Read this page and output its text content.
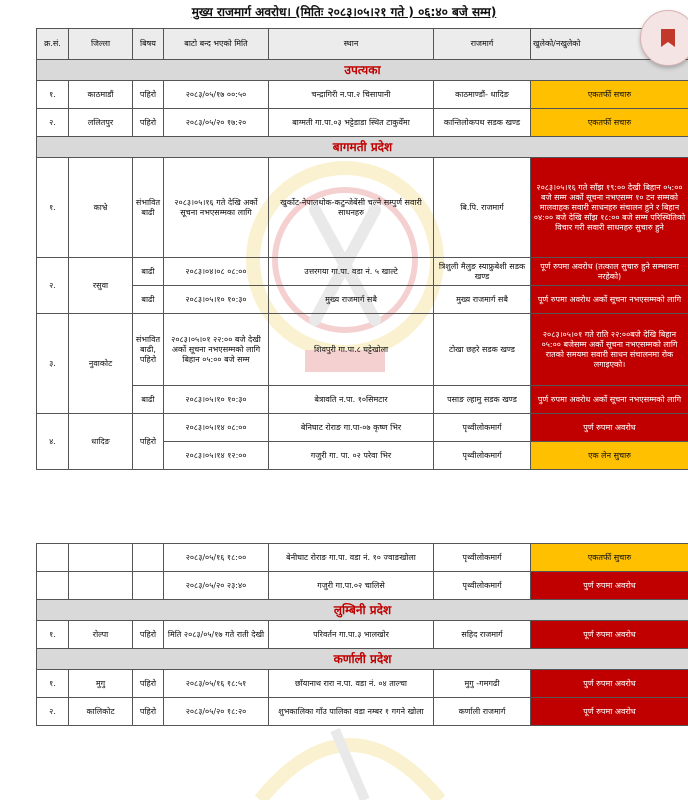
मुख्य राजमार्ग अवरोध। (मितिः २०८३।०५।२१ गते ) ०६:४० बजे सम्म)
क्र.सं.	जिल्ला	बिषय	बाटो बन्द भएको मिति	स्थान	राजमार्ग	खुलेको/नखुलेको
उपत्यका						
१.	काठमाडौं	पहिरो	२०८३/०५/१७ ००:५०	चन्द्रागिरी न.पा.२ चिसापानी	काठमाण्डौं- धादिङ	एकतर्फी सचारु
२.	ललितपुर	पहिरो	२०८३/०५/२० १७:२०	बाग्मती गा.पा.०३ भट्टेडाडा स्थित टाकुवेँमा	कान्तिलोकपथ सडक खण्ड	एकतर्फी सचारु
बागमती प्रदेश						
१.	काभ्रे	संभावित बाढी	२०८३।०५।१६ गते देखि अर्को सूचना नभएसम्मका लागि	खुर्काेट-नेपालथोक-कटुन्जेबेंसी चल्ने सम्पुर्ण सवारी साधनहरु	बि.पि. राजमार्ग	२०८३।०५।१६ गते साँझ १९:०० देखी बिहान ०५:०० बजे सम्म अर्को सूचना नभएसम्म १० टन सम्मको मालवाहक सवारी साधनहरु संचालन हुने र बिहान ०४:०० बजे देखि साँझ १८:०० बजे सम्म परिस्थितिको विचार गरी सवारी साधनहरु सुचारु हुने
२.	रसुवा	बाढी	२०८३।०४।०८ ०८:००	उत्तरगया गा.पा. वडा नं. ५ खाल्टे	त्रिशुली मैलुङ स्याफ्रुबेशी सडक खण्ड	पूर्ण रुपमा अवरोध (तत्काल सुचारु हुने सम्भावना नरहेको)
		बाढी	२०८३।०५।१० १०:३०	मुख्य राजमार्ग सबै	मुख्य राजमार्ग सबै	पूर्ण रुपमा अवरोध अर्को सूचना नभएसम्मको लागि
३.	नुवाकोट	संभावित बाढी, पहिरो	२०८३।०५।०१ २२:०० बजे देखी अर्को सूचना नभएसम्मको लागि बिहान ०५:०० बजे सम्म	शिवपुरी गा.पा.८ घट्टेखोला	टोखा छहरे सडक खण्ड	२०८३।०५।०१ गते राति २२:००बजे देखि बिहान ०५:०० बजेसम्म अर्को सूचना नभएसम्मको लागि रातको समयमा सवारी साधन संचालनमा रोक लगाइएको।
		बाढी	२०८३।०५।१० १०:३०	बेत्रावति न.पा. १०सिमटार	पसाङ ल्हामु सडक खण्ड	पुर्ण रुपमा अवरोध अर्को सूचना नभएसम्मको लागि
४.	धादिङ	पहिरो	२०८३।०५।१४ ०८:००	बेनिघाट रोराङ गा.पा-०७ कृष्ण भिर	पृथ्वीलोकमार्ग	पुर्ण रुपमा अवरोध
			२०८३।०५।१४ १२:००	गजुरी गा. पा. ०२ परेवा भिर	पृथ्वीलोकमार्ग	एक लेन सुचारु
			२०८३/०५/१६ १८:००	बेनीघाट रोराङ गा.पा. वडा नं. १० ज्वाङखोला	पृथ्वीलोकमार्ग	एकतर्फी सुचारु
			२०८३/०५/२० २३:४०	गजुरी गा.पा.०२ चालिसे	पृथ्वीलोकमार्ग	पुर्ण रुपमा अवरोध
लुम्बिनी प्रदेश						
१.	रोल्पा	पहिरो	मिति २०८३/०५/१७ गते राती देखी	परिवर्तन गा.पा.३ भालखोर	सहिद राजमार्ग	पूर्ण रुपमा अवरोध
कर्णाली प्रदेश						
१.	मुगु	पहिरो	२०८३/०५/१६ १८:५१	छाँयानाथ रारा न.पा. वडा नं. ०४ ताल्चा	मुगु -गमगढी	पुर्ण रुपमा अवरोध
२.	कालिकोट	पहिरो	२०८३/०५/२० १८:२०	शुभकालिका गाँउ पालिका वडा नम्बर १ गगने खोला	कर्णाली राजमार्ग	पूर्ण रुपमा अवरोध
